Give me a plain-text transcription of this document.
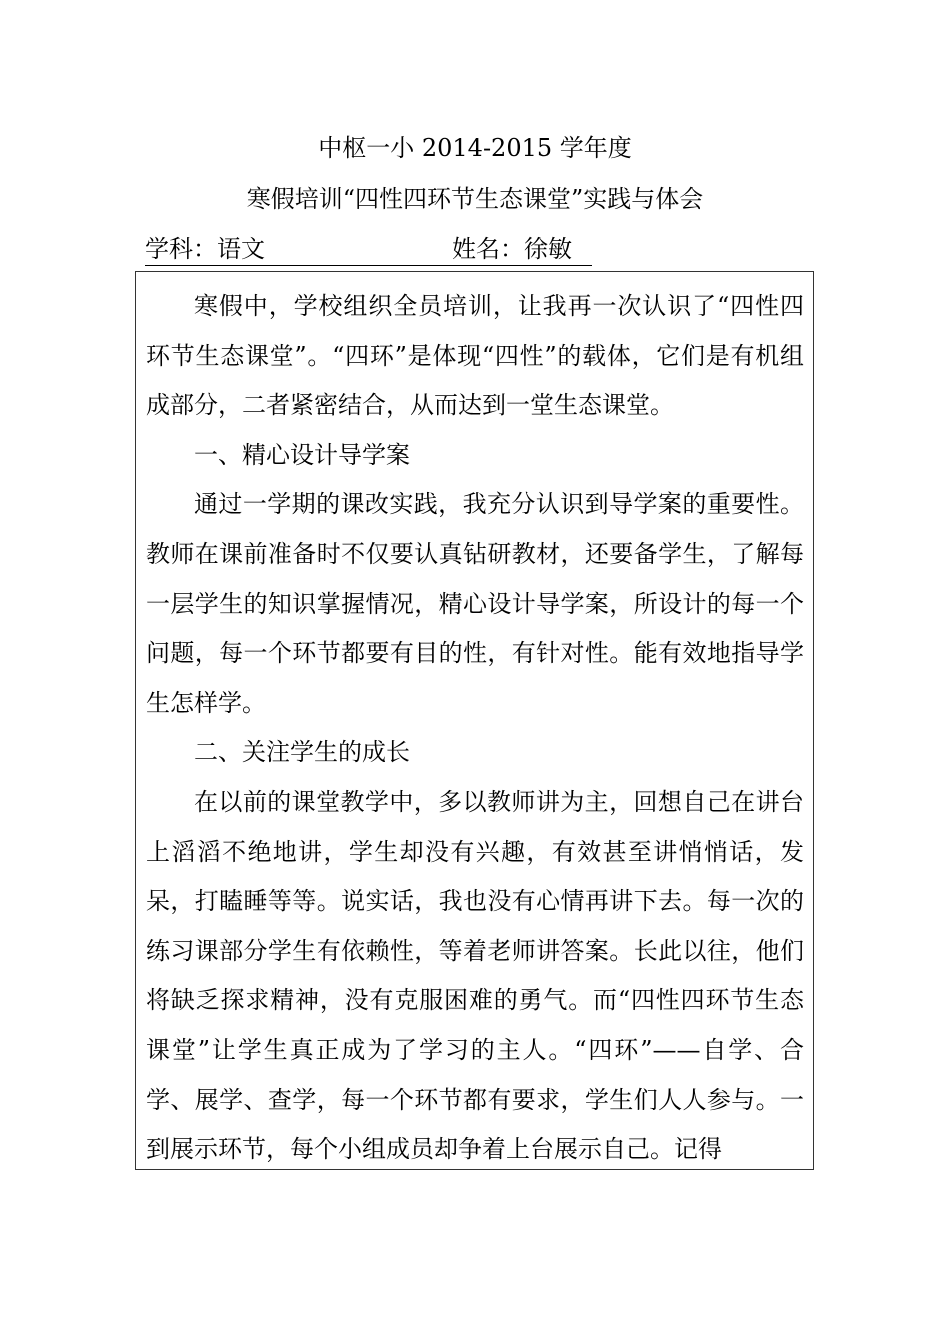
中枢一小 2014-2015 学年度
寒假培训“四性四环节生态课堂”实践与体会
学科：语文	姓名：徐敏

寒假中，学校组织全员培训，让我再一次认识了“四性四环节生态课堂”。“四环”是体现“四性”的载体，它们是有机组成部分，二者紧密结合，从而达到一堂生态课堂。

一、精心设计导学案

通过一学期的课改实践，我充分认识到导学案的重要性。教师在课前准备时不仅要认真钻研教材，还要备学生，了解每一层学生的知识掌握情况，精心设计导学案，所设计的每一个问题，每一个环节都要有目的性，有针对性。能有效地指导学生怎样学。

二、关注学生的成长

在以前的课堂教学中，多以教师讲为主，回想自己在讲台上滔滔不绝地讲，学生却没有兴趣，有效甚至讲悄悄话，发呆，打瞌睡等等。说实话，我也没有心情再讲下去。每一次的练习课部分学生有依赖性，等着老师讲答案。长此以往，他们将缺乏探求精神，没有克服困难的勇气。而“四性四环节生态课堂”让学生真正成为了学习的主人。“四环”——自学、合学、展学、查学，每一个环节都有要求，学生们人人参与。一到展示环节，每个小组成员却争着上台展示自己。记得
